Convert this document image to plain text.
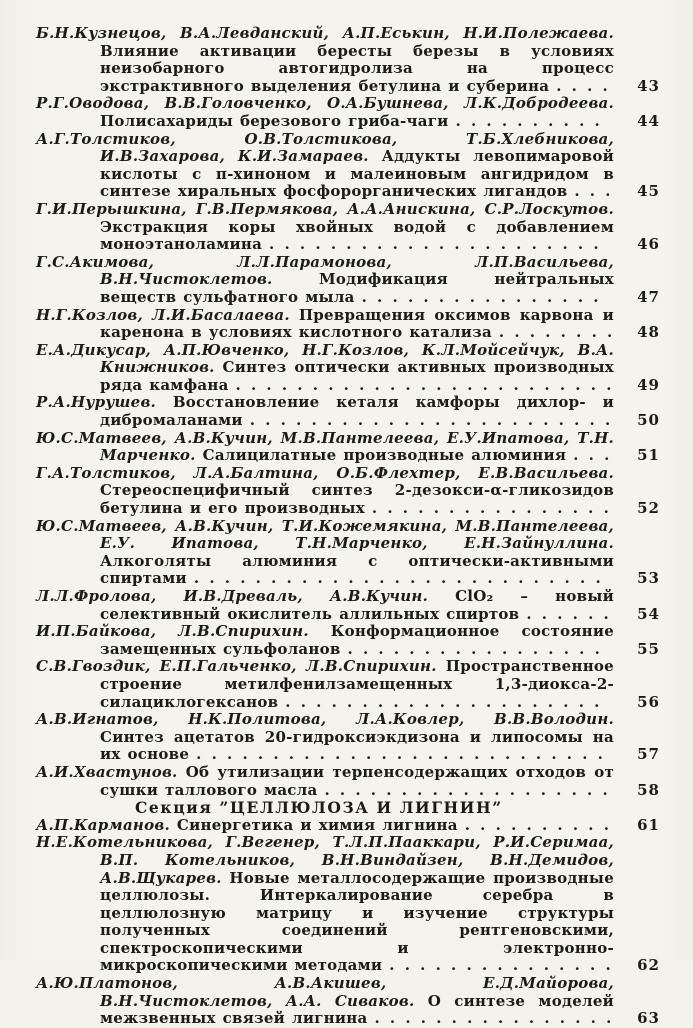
Б.Н.Кузнецов, В.А.Левданский, А.П.Еськин, Н.И.Полежаева. Влияние активации бересты березы в условиях неизобарного автогидролиза на процесс экстрактивного выделения бетулина и суберина . . . .	43
Р.Г.Оводова, В.В.Головченко, О.А.Бушнева, Л.К.Добродеева. Полисахариды березового гриба-чаги . . . . . . . . . .	44
А.Г.Толстиков, О.В.Толстикова, Т.Б.Хлебникова, И.В.Захарова, К.И.Замараев. Аддукты левопимаровой кислоты с п-хиноном и малеиновым ангидридом в синтезе хиральных фосфорорганических лигандов . . .	45
Г.И.Перышкина, Г.В.Пермякова, А.А.Анискина, С.Р.Лоскутов. Экстракция коры хвойных водой с добавлением моноэтаноламина . . . . . . . . . . . . . . . . . . . . . .	46
Г.С.Акимова, Л.Л.Парамонова, Л.П.Васильева, В.Н.Чистоклетов.	Модификация нейтральных веществ сульфатного мыла . . . . . . . . . . . . . . . .	47
Н.Г.Козлов, Л.И.Басалаева. Превращения оксимов карвона и каренона в условиях кислотного катализа . . . . . . . .	48
Е.А.Дикусар, А.П.Ювченко, Н.Г.Козлов, К.Л.Мойсейчук, В.А. Книжников. Синтез оптически активных производных ряда камфана . . . . . . . . . . . . . . . . . . . . . . . . .	49
Р.А.Нурушев. Восстановление кеталя камфоры дихлор- и дибромаланами . . . . . . . . . . . . . . . . . . . . . . . .	50
Ю.С.Матвеев, А.В.Кучин, М.В.Пантелеева, Е.У.Ипатова, Т.Н. Марченко. Салицилатные производные алюминия . . .	51
Г.А.Толстиков, Л.А.Балтина, О.Б.Флехтер, Е.В.Васильева. Стереоспецифичный синтез 2-дезокси-α-гликозидов бетулина и его производных . . . . . . . . . . . . . . . .	52
Ю.С.Матвеев, А.В.Кучин, Т.И.Кожемякина, М.В.Пантелеева, Е.У. Ипатова, Т.Н.Марченко, Е.Н.Зайнуллина. Алкоголяты алюминия с оптически-активными спиртами . . . . . . . . . . . . . . . . . . . . . . . . . . .	53
Л.Л.Фролова, И.В.Древаль, А.В.Кучин. ClO₂ – новый селективный окислитель аллильных спиртов . . . . . .	54
И.П.Байкова, Л.В.Спирихин. Конформационное состояние замещенных сульфоланов . . . . . . . . . . . . . . . . .	55
С.В.Гвоздик, Е.П.Гальченко, Л.В.Спирихин. Пространственное строение метилфенилзамещенных 1,3-диокса-2- силациклогексанов . . . . . . . . . . . . . . . . . . . . .	56
А.В.Игнатов, Н.К.Политова, Л.А.Ковлер, В.В.Володин. Синтез ацетатов 20-гидроксиэкдизона и липосомы на их основе . . . . . . . . . . . . . . . . . . . . . . . . . . .	57
А.И.Хвастунов. Об утилизации терпенсодержащих отходов от сушки таллового масла . . . . . . . . . . . . . . . . . . .	58
Секция ”ЦЕЛЛЮЛОЗА И ЛИГНИН”
А.П.Карманов. Синергетика и химия лигнина . . . . . . . . . .	61
Н.Е.Котельникова, Г.Вегенер, Т.Л.П.Пааккари, Р.И.Серимаа, В.П. Котельников, В.Н.Виндайзен, В.Н.Демидов, А.В.Щукарев. Новые металлосодержащие производные целлюлозы. Интеркалирование серебра в целлюлозную матрицу и изучение структуры полученных соединений рентгеновскими, спектроскопическими и электронно-микроскопическими методами . . . . . . . . . . . . . . .	62
А.Ю.Платонов, А.В.Акишев, Е.Д.Майорова, В.Н.Чистоклетов, А.А. Сиваков. О синтезе моделей межзвенных связей лигнина . . . . . . . . . . . . . . . .	63
